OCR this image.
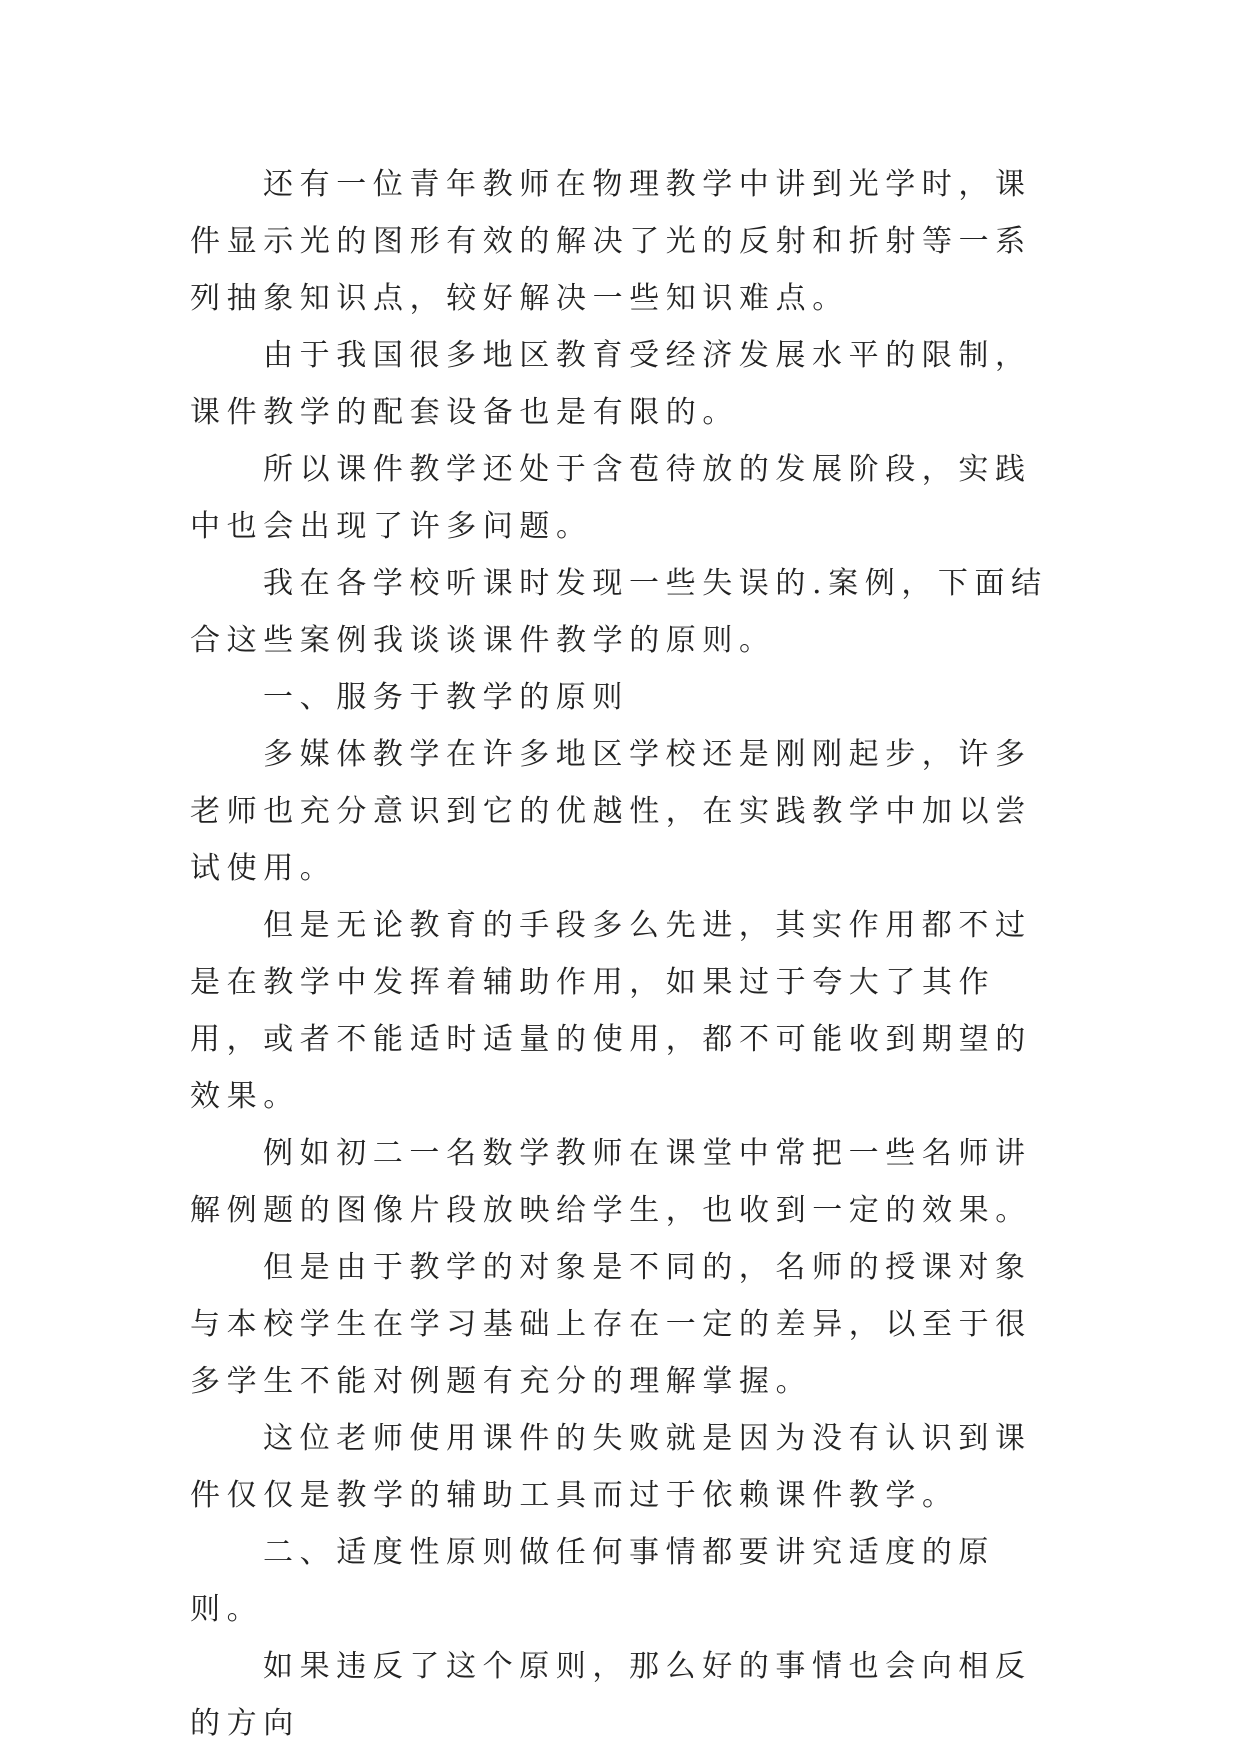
还有一位青年教师在物理教学中讲到光学时，课件显示光的图形有效的解决了光的反射和折射等一系列抽象知识点，较好解决一些知识难点。

由于我国很多地区教育受经济发展水平的限制，课件教学的配套设备也是有限的。

所以课件教学还处于含苞待放的发展阶段，实践中也会出现了许多问题。

我在各学校听课时发现一些失误的.案例，下面结合这些案例我谈谈课件教学的原则。

一、服务于教学的原则

多媒体教学在许多地区学校还是刚刚起步，许多老师也充分意识到它的优越性，在实践教学中加以尝试使用。

但是无论教育的手段多么先进，其实作用都不过是在教学中发挥着辅助作用，如果过于夸大了其作用，或者不能适时适量的使用，都不可能收到期望的效果。

例如初二一名数学教师在课堂中常把一些名师讲解例题的图像片段放映给学生，也收到一定的效果。

但是由于教学的对象是不同的，名师的授课对象与本校学生在学习基础上存在一定的差异，以至于很多学生不能对例题有充分的理解掌握。

这位老师使用课件的失败就是因为没有认识到课件仅仅是教学的辅助工具而过于依赖课件教学。

二、适度性原则做任何事情都要讲究适度的原则。

如果违反了这个原则，那么好的事情也会向相反的方向
